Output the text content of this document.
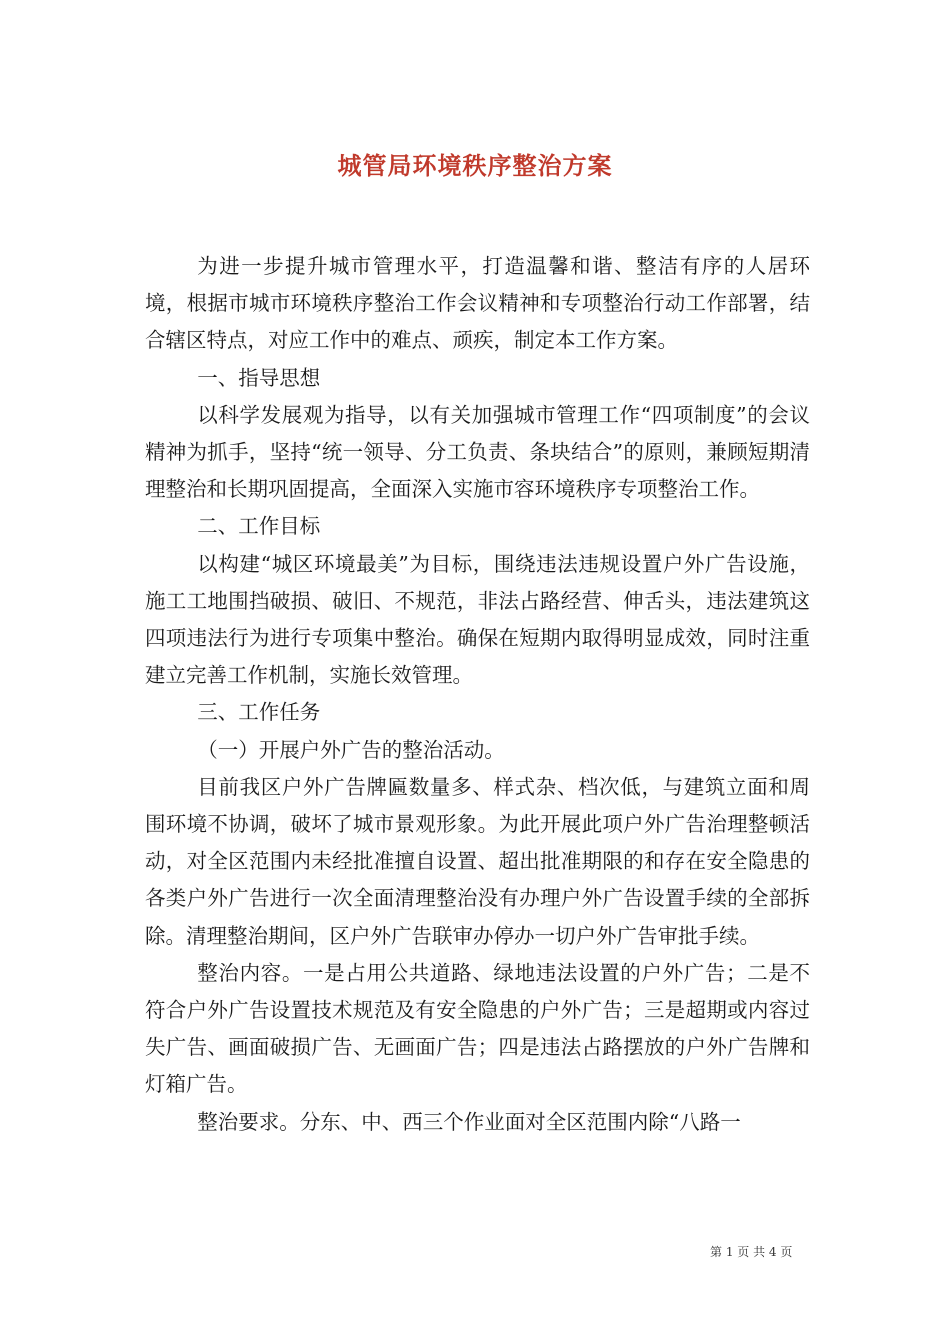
城管局环境秩序整治方案

为进一步提升城市管理水平，打造温馨和谐、整洁有序的人居环境，根据市城市环境秩序整治工作会议精神和专项整治行动工作部署，结合辖区特点，对应工作中的难点、顽疾，制定本工作方案。

一、指导思想

以科学发展观为指导，以有关加强城市管理工作“四项制度”的会议精神为抓手，坚持“统一领导、分工负责、条块结合”的原则，兼顾短期清理整治和长期巩固提高，全面深入实施市容环境秩序专项整治工作。

二、工作目标

以构建“城区环境最美”为目标，围绕违法违规设置户外广告设施，施工工地围挡破损、破旧、不规范，非法占路经营、伸舌头，违法建筑这四项违法行为进行专项集中整治。确保在短期内取得明显成效，同时注重建立完善工作机制，实施长效管理。

三、工作任务

（一）开展户外广告的整治活动。

目前我区户外广告牌匾数量多、样式杂、档次低，与建筑立面和周围环境不协调，破坏了城市景观形象。为此开展此项户外广告治理整顿活动，对全区范围内未经批准擅自设置、超出批准期限的和存在安全隐患的各类户外广告进行一次全面清理整治没有办理户外广告设置手续的全部拆除。清理整治期间，区户外广告联审办停办一切户外广告审批手续。

整治内容。一是占用公共道路、绿地违法设置的户外广告；二是不符合户外广告设置技术规范及有安全隐患的户外广告；三是超期或内容过失广告、画面破损广告、无画面广告；四是违法占路摆放的户外广告牌和灯箱广告。

整治要求。分东、中、西三个作业面对全区范围内除“八路一

第 1 页 共 4 页
